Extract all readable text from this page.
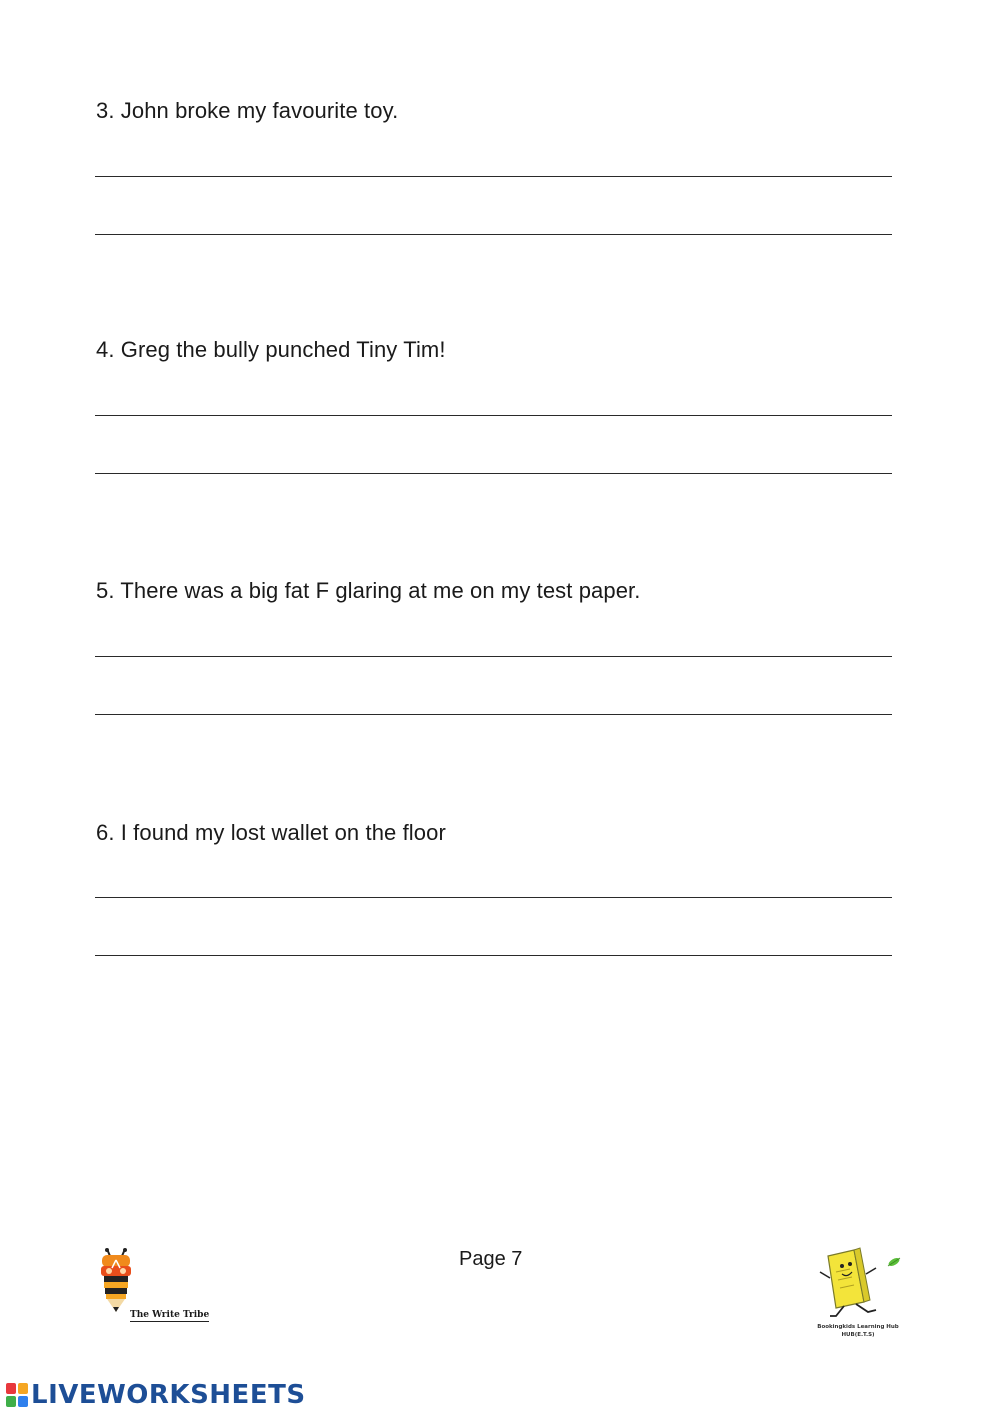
3. John broke my favourite toy.
4. Greg the bully punched Tiny Tim!
5. There was a big fat F glaring at me on my test paper.
6. I found my lost wallet on the floor
The Write Tribe
Page 7
Bookingkids Learning Hub
HUB(E.T.S)
LIVEWORKSHEETS
